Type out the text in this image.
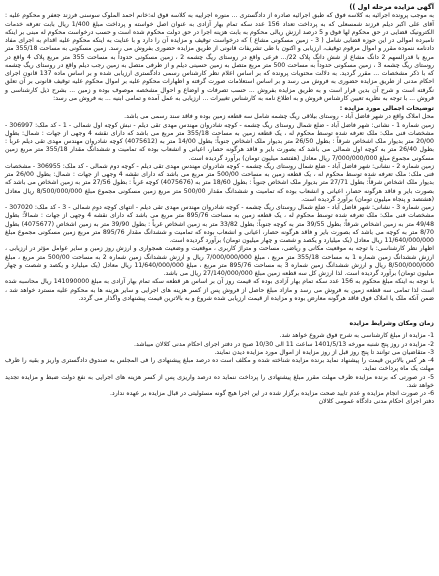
آگهی مزایده مرحله اول ))

به موجب پرونده اجرائیه به کلاسه فوق که طبق اجرائیه صادره از دادگستری ... منوره اجراییه به کلاسه فوق له:خانم احمد الملوک سوسنی فرزند جعفر و محکوم علیه : آقای علی اکبر دیلم فرزند شمسعلی که به پرداخت تعداد 156 عدد سکه تمام بهار آزادی به عنوان اصل خواسته و پرداخت مبلغ 1/400 ریال بابت تعرفه خدمات الکترونیک قضایی در حق محکوم لها فوق و 5 درصد ارزش ریالی محکوم به بابت هزینه اجرا در حق دولت محکوم شده است و حسب درخواست محکوم له مبنی بر اینکه نامبرده اموالی در این حوزه قضایی شامل ( 3 - زمین مسکونی مشاع ) که درخواست توقیف و مزایده آن را دارد و با عنایت به اینکه محکوم علیه اقدام به اجرای مفاد دادنامه ننموده مقرر و اموال مرقوم توقیف، ارزیابی و اکنون با طی تشریفات قانونی از طریق مزایده حضوری بفروش می رسد. زمین مسکونی به مساحت 355/18 متر مربع با قدرالسهم 2 دانگ مشاع از شش دانگ پلاک 22/... فرعی واقع در روستای ریگ چشمه 2 ، زمین مسکونی حدوداً به مساحت 355 متر مربع پلاک 4 واقع در روستای ریگ چشمه 3 ، زمین مسکونی حدوداً به مساحت 500 متر مربع متصل به زمین حسینی دیلم و از طرفی متصل به زمین رجب دیلم واقع در روستای ریگ چشمه که با ذکر مشخصات ... مقرر گردید. به دلالت محتویات پرونده که بر اساس اعلام نظر کارشناس رسمی دادگستری ارزیابی شده و بر اساس ماده 137 قانون اجرای احکام مدنی از طریق مزایده حضوری به فروش می رسد و بر اساس استعلامات صورت گرفته و اظهارات محکوم علیه بر اموال محکوم علیه توقیف قانونی بر آن تعلق نگرفته است و شرح آن بدین قرار است و به طریق مزایده بفروش ... حسب تصرفات و اوضاع و احوال مشخصه موصوف بوده و زمین ... بشرح ذیل کارشناسی و فروش ... با توجه به نظریه تعیین کارشناس فروش و به اطلاع نامه به کارشناس تغییرات ... ارزیابی به عمل آمده و تمامی ابنیه ... به فروش می رسد:

توضیحات اجمالی مورد مزایده :

محل املاک واقع در شهر فاضل آباد - روستای بیلاقی ریگ چشمه شامل سه قطعه زمین بوده و فاقد سند رسمی می باشد.

زمین شماره 1 - نشانی: شهر فاضل آباد - ضلع شمال روستای ریگ چشمه - کوچه شادروان مهندس مهدی تقی دیلم - نبش کوچه اول شمالی - 1 - کد ملک: 306997 - مشخصات فنی ملک: ملک تعرفه شده توسط محکوم له ، یک قطعه زمین به مساحت 355/18 متر مربع می باشد که دارای نقشه 4 وجهی از جهات : شمال: بطول 20/00 متر بدیوار ملک اشخاص شرقاً : بطول 26/50 متر بدیوار ملک اشخاص جنوباً: بطول 14/00 متر به (4075612) کوچه شادروان مهندس مهدی تقی دیلم غرباً : بطول 26/40 متر به کوچه اول شمالی می باشد که بصورت بایر و فاقد هرگونه حصار، اعیانی و انشعاب بوده که تمامیت و ششدانگ مقدار 355/18 متر مربع زمین مسکونی مجموع مبلغ 7/000/000/000 ریال معادل (هفتصد میلیون تومان) برآورد گردیده است.

زمین شماره 2 - نشانی: شهر فاضل آباد - ضلع شمال روستای ریگ چشمه - کوچه شادروان مهندس مهدی تقی دیلم - کوچه دوم شمالی - کد ملک: 306955 - مشخصات فنی ملک: ملک تعرفه شده توسط محکوم له ، یک قطعه زمین به مساحت 500/00 متر مربع می باشد که دارای نقشه 4 وجهی از جهات : شمال: بطول 26/00 متر بدیوار ملک اشخاص شرقاً: بطول 27/71 متر بدیوار ملک اشخاص جنوباً : بطول 18/60 متر به (4075676) کوچه غرباً : بطول 27/56 متر به زمین اشخاص می باشد که بصورت بایر و فاقد هرگونه حصار، اعیانی و انشعاب بوده که تمامیت و ششدانگ مقدار 500/00 متر مربع زمین مسکونی مجموع مبلغ 8/500/000/000 ریال معادل (هشتصد و پنجاه میلیون تومان) برآورد گردیده است.

زمین شماره 3 - نشانی: شهر فاضل آباد - ضلع شمال روستای ریگ چشمه - کوچه شادروان مهندس مهدی تقی دیلم - انتهای کوچه دوم شمالی - 3 - کد ملک: 307020 - مشخصات فنی ملک: ملک تعرفه شده توسط محکوم له ، یک قطعه زمین به مساحت 895/76 متر مربع می باشد که دارای نقشه 4 وجهی از جهات : شمالاً: بطول 49/48 متر به زمین اشخاص شرقاً: بطول 39/55 متر به کوچه جنوباً: بطول 33/82 متر به زمین اشخاص غرباً : بطول 39/90 متر به زمین اشخاص (4075677) بطول 8/70 متر به کوچه می باشد که بصورت بایر و فاقد هرگونه حصار، اعیانی و انشعاب بوده که تمامیت و ششدانگ مقدار 895/76 متر مربع زمین مسکونی مجموع مبلغ 11/640/000/000 ریال معادل (یک میلیارد و یکصد و شصت و چهار میلیون تومان) برآورد گردیده است.

اظهار نظر کارشناسی: با توجه به موقعیت مکانی و ریاضی، مساحت و متراژ کاربری ، موقعیت و وضعیت همجواری و ارزش روز زمین و سایر عوامل مؤثر در ارزیابی ، ارزش ششدانگ زمین شماره 1 به مساحت 355/18 متر مربع ، مبلغ 7/000/000/000 ریال و ارزش ششدانگ زمین شماره 2 به مساحت 500/00 متر مربع ، مبلغ 8/500/000/000 ریال و ارزش ششدانگ زمین شماره 3 به مساحت 895/76 متر مربع ، مبلغ 11/640/000/000 ریال معادل (یک میلیارد و یکصد و شصت و چهار میلیون تومان) برآورد گردیده است. لذا ارزش کل سه قطعه زمین مبلغ 27/140/000/000 ریال می باشد.

با توجه به اینکه مبلغ محکوم به 156 عدد سکه تمام بهار آزادی بوده که قیمت روز آن بر اساس هر قطعه سکه تمام بهار آزادی به مبلغ 141090000 ریال محاسبه شده است لذا تمامی سه قطعه زمین به فروش می رسد و مازاد مبلغ حاصل از فروش پس از کسر هزینه های اجرایی و سایر هزینه ها به محکوم علیه مسترد خواهد شد ، ضمن آنکه ملک یا املاک فوق فاقد هرگونه معارض بوده و مزایده از قیمت ارزیابی شده شروع و به بالاترین قیمت پیشنهادی واگذار می گردد.

زمان ومکان وشرایط مزایده

1- مزایده از مبلغ کارشناسی به شرح فوق شروع خواهد شد.

2- مزایده در روز پنج شنبه مورخه 1401/5/13 ساعت 11 الی 10/30 صبح در دفتر اجرای احکام مدنی کلالان میباشد.

3- متقاضیان می توانند تا پنج روز قبل از روز مزایده از اموال مورد مزایده دیدن نمایند.

4- هر کس بالاترین قیمت را پیشنهاد نماید برنده مزایده شناخته شده و مکلف است ده درصد مبلغ پیشنهادی را فی المجلس به صندوق دادگستری واریز و بقیه را ظرف مهلت یک ماه پرداخت نماید.

5- در صورتی که برنده مزایده ظرف مهلت مقرر مبلغ پیشنهادی را پرداخت ننماید ده درصد واریزی پس از کسر هزینه های اجرایی به نفع دولت ضبط و مزایده تجدید خواهد شد.

6- در صورت انجام مزایده و عدم تایید صحت مزایده برگزار شده در این اجرا هیچ گونه مسئولیتی در قبال مزایده بر عهده ندارد.

دفتر اجرای احکام مدنی دادگاه عمومی کلالان
